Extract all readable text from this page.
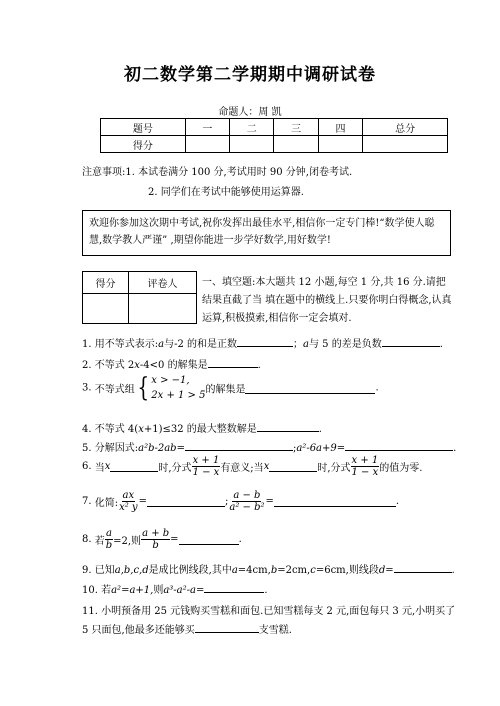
初二数学第二学期期中调研试卷
命题人：周 凯
题号	一	二	三	四	总分
得分					
注意事项:1. 本试卷满分 100 分,考试用时 90 分钟,闭卷考试.
2. 同学们在考试中能够使用运算器.
欢迎你参加这次期中考试,祝你发挥出最佳水平,相信你一定专门棒!“数学使人聪慧,数学教人严谨” ,期望你能进一步学好数学,用好数学!
得分	评卷人
	一、填空题:本大题共 12 小题,每空 1 分,共 16 分.请把结果直截了当 填在题中的横线上.只要你明白得概念,认真运算,积极摸索,相信你一定会填对.
1. 用不等式表示:a与-2 的和是正数	；a与 5 的差是负数	.
2. 不等式 2x-4<0 的解集是	.
3. 不等式组{ x > −1,
2x + 1 > 5 的解集是	.
4. 不等式 4(x+1)≤32 的最大整数解是	.
5. 分解因式:a²b-2ab=	;a²-6a+9=	.
6. 当x	时,分式 $\frac{x + 1}{1 - x}$ 有意义;当x	时,分式 $\frac{x + 1}{1 - x}$ 的值为零.
7. 化简: $\frac{ax}{\text{x² y}}$ =	; $\frac{a - b}{\text{a² − b²}}$ =	.
8. 若 $\frac{a}{b} =2$,则 $\frac{a + b}{b}$ =	.
9. 已知a,b,c,d是成比例线段,其中a=4cm,b=2cm,c=6cm,则线段d=	.
10. 若a²=a+1,则a³-a²-a=	.
11. 小明预备用 25 元钱购买雪糕和面包.已知雪糕每支 2 元,面包每只 3 元,小明买了
5 只面包,他最多还能够买	支雪糕.
